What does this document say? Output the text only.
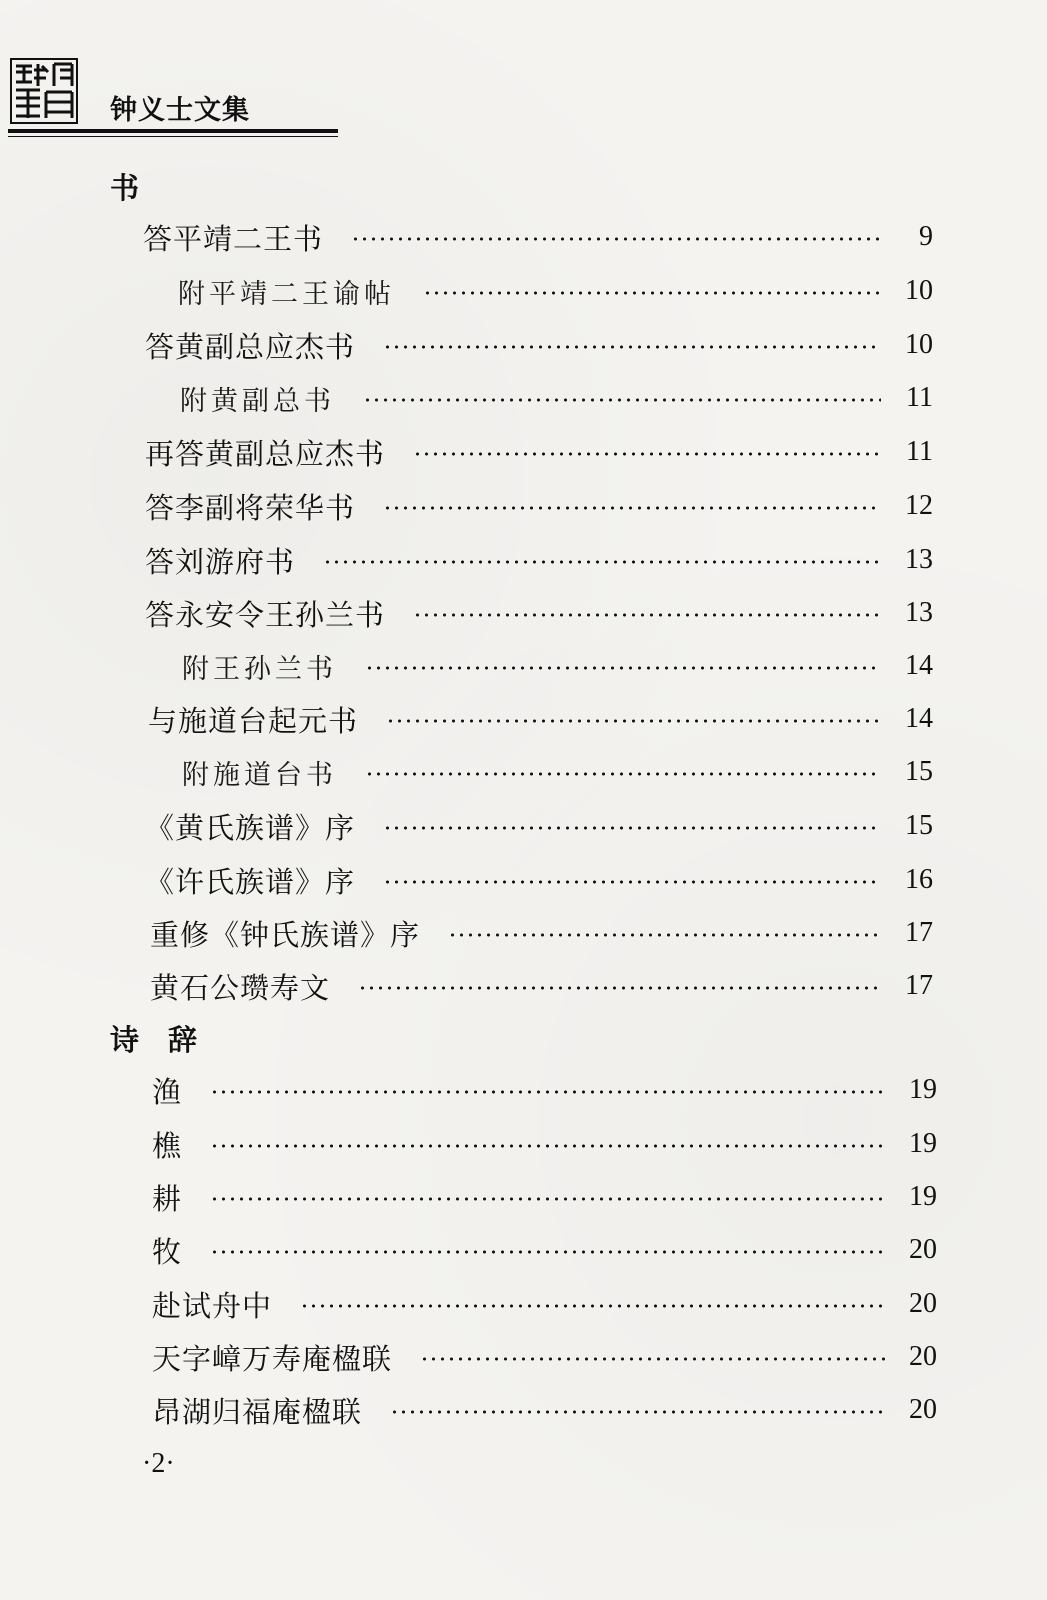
钟义士文集
书
答平靖二王书	9
附平靖二王谕帖	10
答黄副总应杰书	10
附黄副总书	11
再答黄副总应杰书	11
答李副将荣华书	12
答刘游府书	13
答永安令王孙兰书	13
附王孙兰书	14
与施道台起元书	14
附施道台书	15
《黄氏族谱》序	15
《许氏族谱》序	16
重修《钟氏族谱》序	17
黄石公瓒寿文	17
诗　辞
渔	19
樵	19
耕	19
牧	20
赴试舟中	20
天字嶂万寿庵楹联	20
昂湖归福庵楹联	20
·2·
